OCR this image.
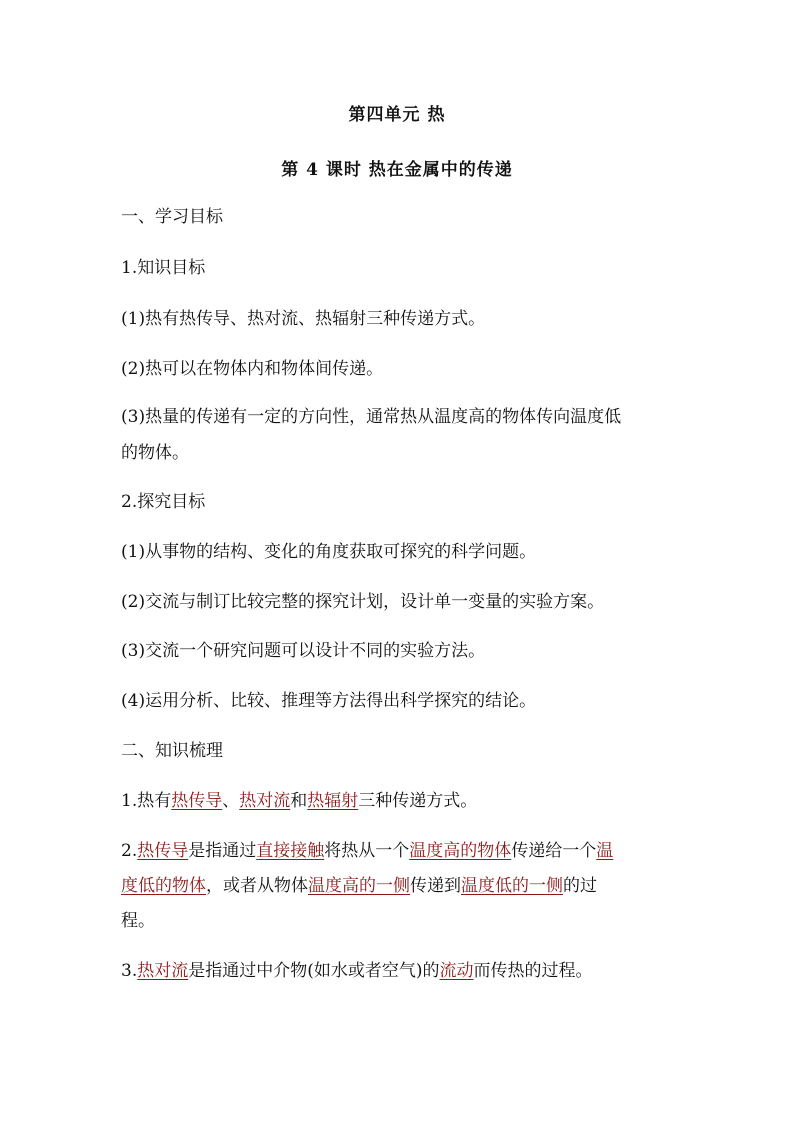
第四单元 热
第 4 课时 热在金属中的传递
一、学习目标
1.知识目标
(1)热有热传导、热对流、热辐射三种传递方式。
(2)热可以在物体内和物体间传递。
(3)热量的传递有一定的方向性，通常热从温度高的物体传向温度低
的物体。
2.探究目标
(1)从事物的结构、变化的角度获取可探究的科学问题。
(2)交流与制订比较完整的探究计划，设计单一变量的实验方案。
(3)交流一个研究问题可以设计不同的实验方法。
(4)运用分析、比较、推理等方法得出科学探究的结论。
二、知识梳理
1.热有热传导、热对流和热辐射三种传递方式。
2.热传导是指通过直接接触将热从一个温度高的物体传递给一个温
度低的物体，或者从物体温度高的一侧传递到温度低的一侧的过
程。
3.热对流是指通过中介物(如水或者空气)的流动而传热的过程。
